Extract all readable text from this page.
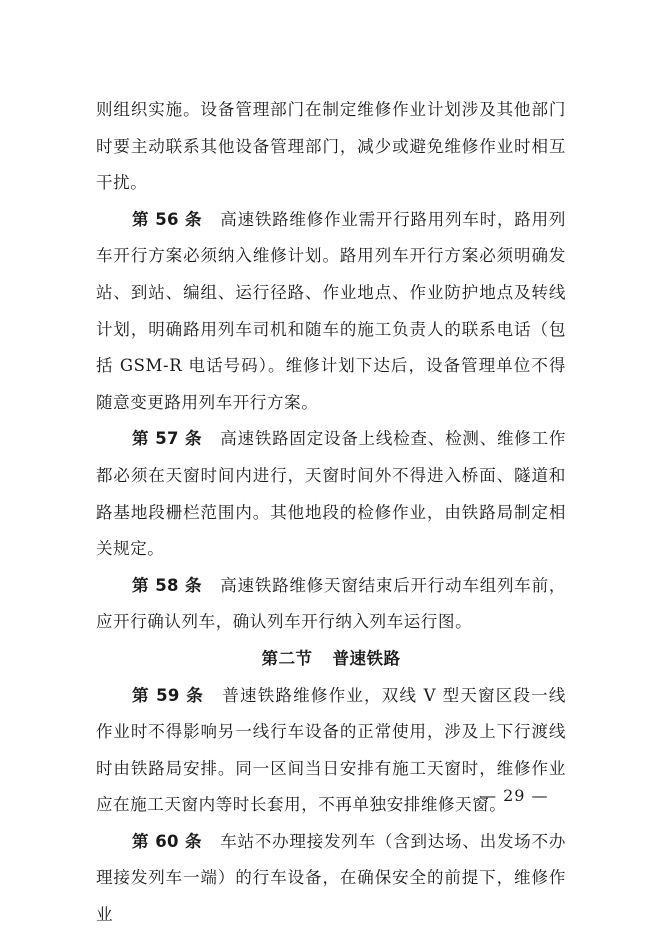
则组织实施。设备管理部门在制定维修作业计划涉及其他部门时要主动联系其他设备管理部门，减少或避免维修作业时相互干扰。

第 56 条 高速铁路维修作业需开行路用列车时，路用列车开行方案必须纳入维修计划。路用列车开行方案必须明确发站、到站、编组、运行径路、作业地点、作业防护地点及转线计划，明确路用列车司机和随车的施工负责人的联系电话（包括 GSM-R 电话号码）。维修计划下达后，设备管理单位不得随意变更路用列车开行方案。

第 57 条 高速铁路固定设备上线检查、检测、维修工作都必须在天窗时间内进行，天窗时间外不得进入桥面、隧道和路基地段栅栏范围内。其他地段的检修作业，由铁路局制定相关规定。

第 58 条 高速铁路维修天窗结束后开行动车组列车前，应开行确认列车，确认列车开行纳入列车运行图。

第二节 普速铁路

第 59 条 普速铁路维修作业，双线 V 型天窗区段一线作业时不得影响另一线行车设备的正常使用，涉及上下行渡线时由铁路局安排。同一区间当日安排有施工天窗时，维修作业应在施工天窗内等时长套用，不再单独安排维修天窗。

第 60 条 车站不办理接发列车（含到达场、出发场不办理接发列车一端）的行车设备，在确保安全的前提下，维修作业

— 29 —
